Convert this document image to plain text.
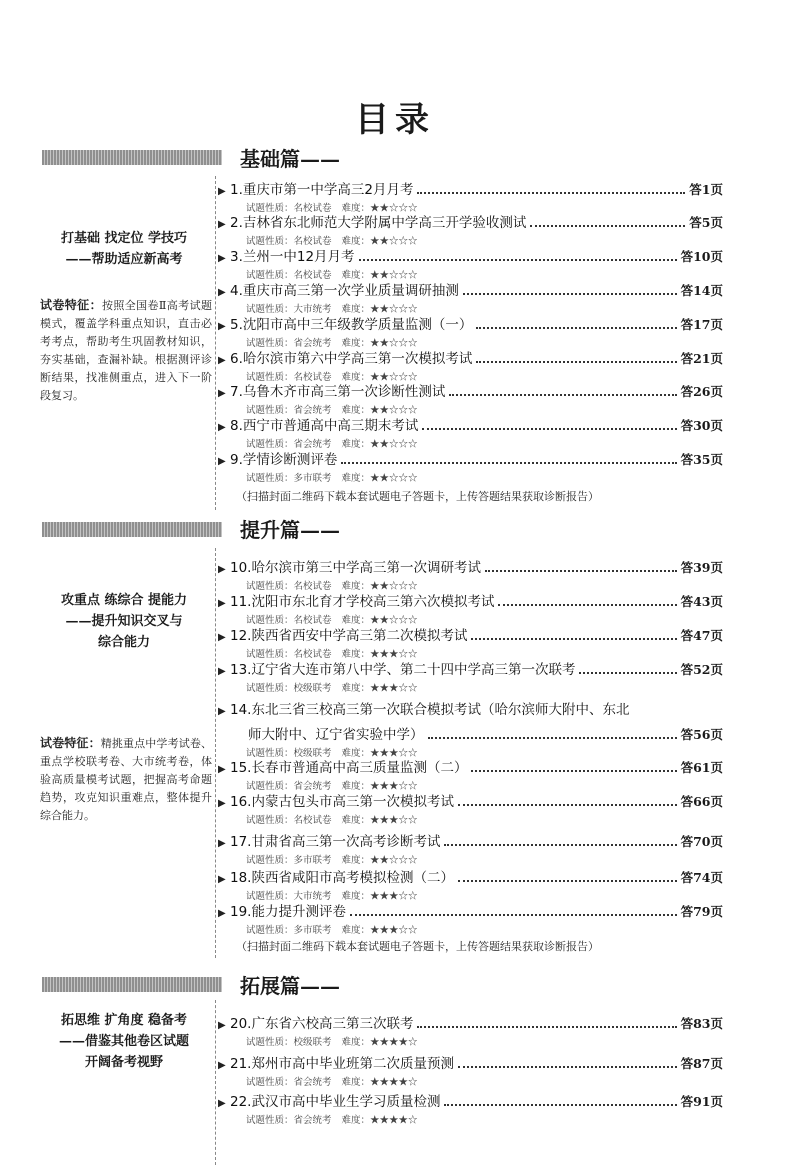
目录
基础篇——
打基础 找定位 学技巧
——帮助适应新高考
试卷特征：按照全国卷Ⅱ高考试题模式，覆盖学科重点知识，直击必考考点，帮助考生巩固教材知识，夯实基础，查漏补缺。根据测评诊断结果，找准侧重点，进入下一阶段复习。
▶ 1.重庆市第一中学高三2月月考	答1页
试题性质：名校试卷 难度：★★☆☆☆
▶ 2.吉林省东北师范大学附属中学高三开学验收测试	答5页
试题性质：名校试卷 难度：★★☆☆☆
▶ 3.兰州一中12月月考	答10页
试题性质：名校试卷 难度：★★☆☆☆
▶ 4.重庆市高三第一次学业质量调研抽测	答14页
试题性质：大市统考 难度：★★☆☆☆
▶ 5.沈阳市高中三年级教学质量监测（一）	答17页
试题性质：省会统考 难度：★★☆☆☆
▶ 6.哈尔滨市第六中学高三第一次模拟考试	答21页
试题性质：名校试卷 难度：★★☆☆☆
▶ 7.乌鲁木齐市高三第一次诊断性测试	答26页
试题性质：省会统考 难度：★★☆☆☆
▶ 8.西宁市普通高中高三期末考试	答30页
试题性质：省会统考 难度：★★☆☆☆
▶ 9.学情诊断测评卷	答35页
试题性质：多市联考 难度：★★☆☆☆
（扫描封面二维码下载本套试题电子答题卡，上传答题结果获取诊断报告）
提升篇——
攻重点 练综合 提能力
——提升知识交叉与
综合能力
试卷特征：精挑重点中学考试卷、重点学校联考卷、大市统考卷，体验高质量模考试题，把握高考命题趋势，攻克知识重难点，整体提升综合能力。
▶ 10.哈尔滨市第三中学高三第一次调研考试	答39页
试题性质：名校试卷 难度：★★☆☆☆
▶ 11.沈阳市东北育才学校高三第六次模拟考试	答43页
试题性质：名校试卷 难度：★★☆☆☆
▶ 12.陕西省西安中学高三第二次模拟考试	答47页
试题性质：名校试卷 难度：★★★☆☆
▶ 13.辽宁省大连市第八中学、第二十四中学高三第一次联考	答52页
试题性质：校级联考 难度：★★★☆☆
▶ 14.东北三省三校高三第一次联合模拟考试（哈尔滨师大附中、东北
师大附中、辽宁省实验中学）	答56页
试题性质：校级联考 难度：★★★☆☆
▶ 15.长春市普通高中高三质量监测（二）	答61页
试题性质：省会统考 难度：★★★☆☆
▶ 16.内蒙古包头市高三第一次模拟考试	答66页
试题性质：名校试卷 难度：★★★☆☆
▶ 17.甘肃省高三第一次高考诊断考试	答70页
试题性质：多市联考 难度：★★☆☆☆
▶ 18.陕西省咸阳市高考模拟检测（二）	答74页
试题性质：大市统考 难度：★★★☆☆
▶ 19.能力提升测评卷	答79页
试题性质：多市联考 难度：★★★☆☆
（扫描封面二维码下载本套试题电子答题卡，上传答题结果获取诊断报告）
拓展篇——
拓思维 扩角度 稳备考
——借鉴其他卷区试题
开阔备考视野
▶ 20.广东省六校高三第三次联考	答83页
试题性质：校级联考 难度：★★★★☆
▶ 21.郑州市高中毕业班第二次质量预测	答87页
试题性质：省会统考 难度：★★★★☆
▶ 22.武汉市高中毕业生学习质量检测	答91页
试题性质：省会统考 难度：★★★★☆
